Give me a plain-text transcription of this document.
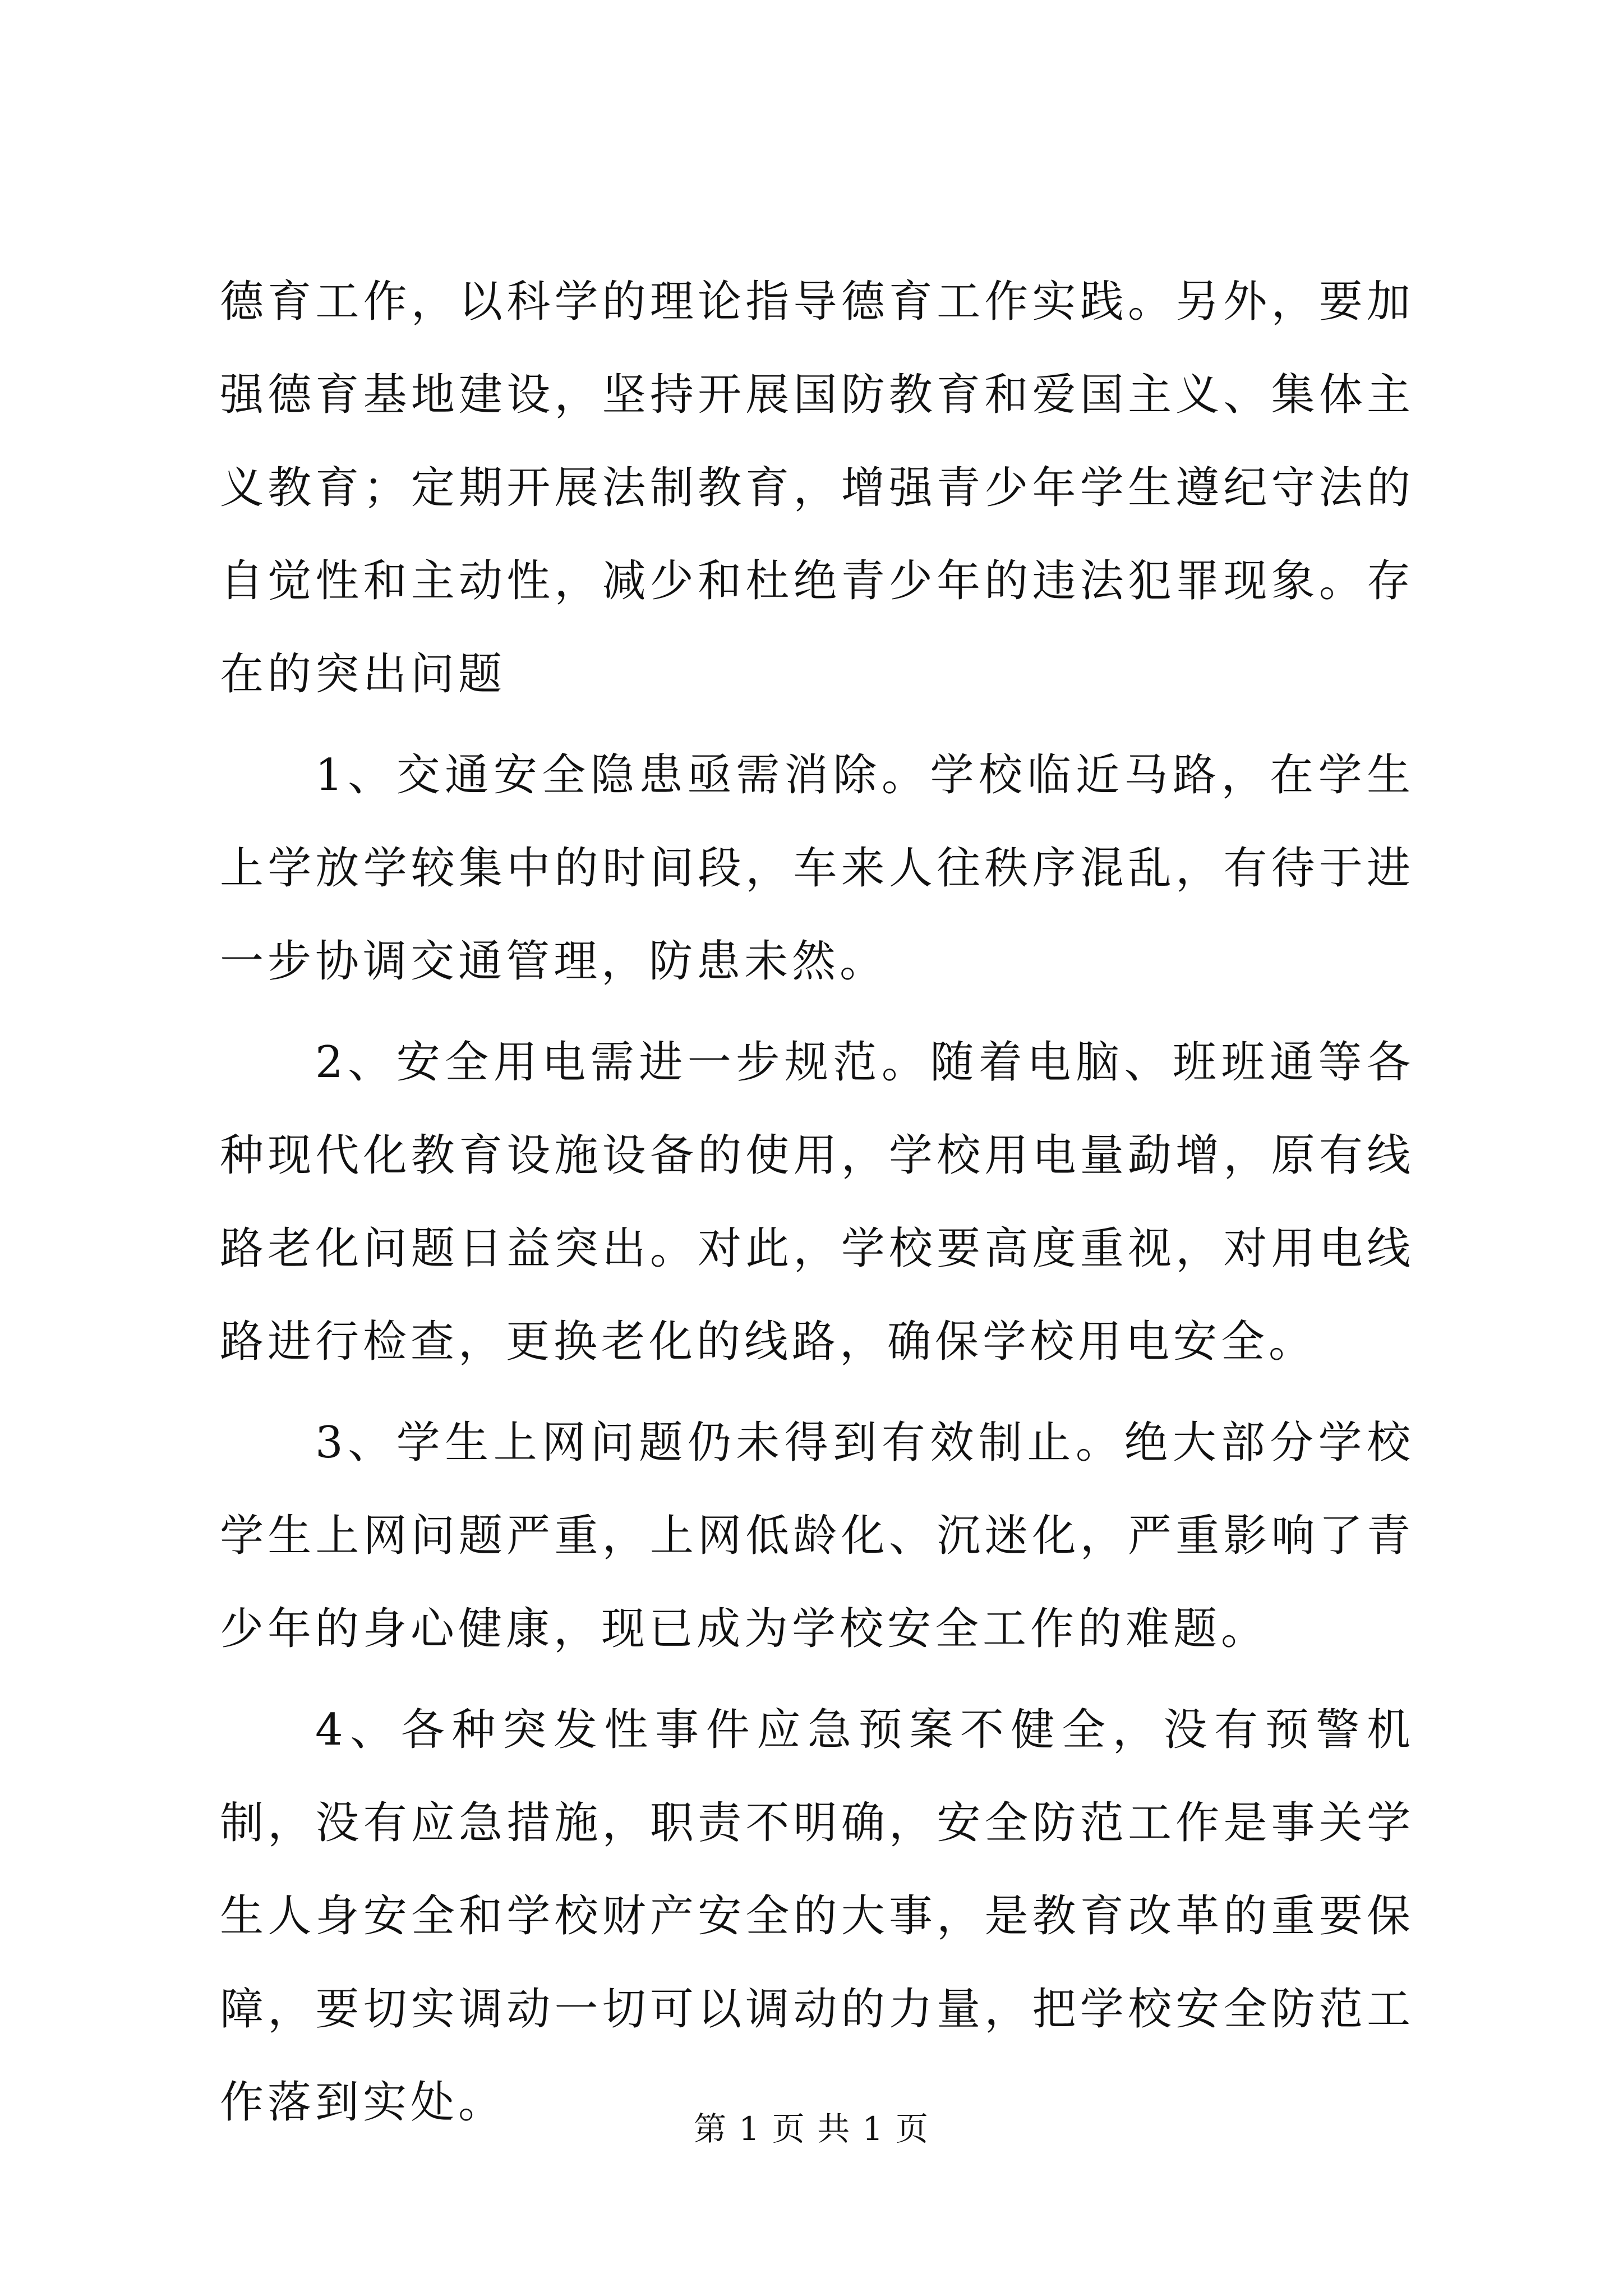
德育工作，以科学的理论指导德育工作实践。另外，要加强德育基地建设，坚持开展国防教育和爱国主义、集体主义教育；定期开展法制教育，增强青少年学生遵纪守法的自觉性和主动性，减少和杜绝青少年的违法犯罪现象。存在的突出问题

1、交通安全隐患亟需消除。学校临近马路，在学生上学放学较集中的时间段，车来人往秩序混乱，有待于进一步协调交通管理，防患未然。

2、安全用电需进一步规范。随着电脑、班班通等各种现代化教育设施设备的使用，学校用电量勐增，原有线路老化问题日益突出。对此，学校要高度重视，对用电线路进行检查，更换老化的线路，确保学校用电安全。

3、学生上网问题仍未得到有效制止。绝大部分学校学生上网问题严重，上网低龄化、沉迷化，严重影响了青少年的身心健康，现已成为学校安全工作的难题。

4、各种突发性事件应急预案不健全，没有预警机制，没有应急措施，职责不明确，安全防范工作是事关学生人身安全和学校财产安全的大事，是教育改革的重要保障，要切实调动一切可以调动的力量，把学校安全防范工作落到实处。

第 1 页 共 1 页
